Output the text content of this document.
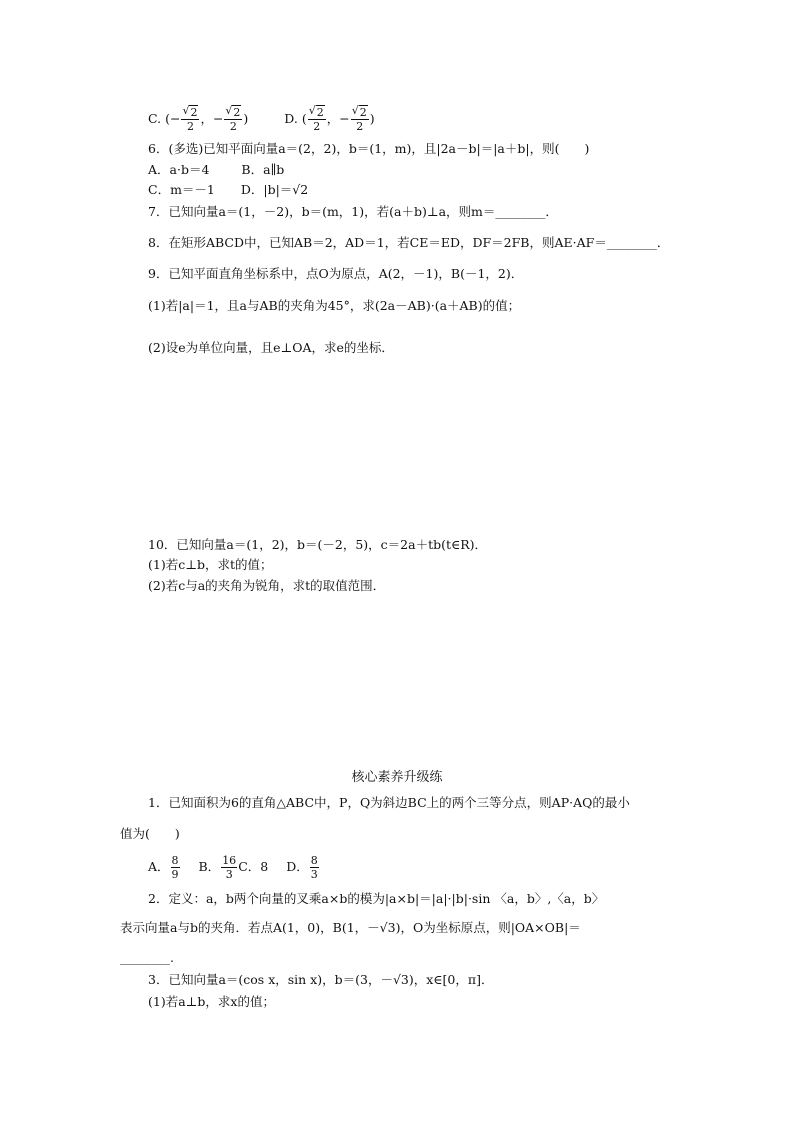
C. (− $\frac{√ 2}{2}$ ，− $\frac{√ 2}{2}$ )	D. ( $\frac{√ 2}{2}$ ，− $\frac{√ 2}{2}$ )
6．(多选)已知平面向量a＝(2，2)，b＝(1，m)，且|2a－b|＝|a＋b|，则(　　)
A．a·b＝4	B．a∥b
C．m＝－1 D．|b|＝√2
7．已知向量a＝(1，－2)，b＝(m，1)，若(a＋b)⊥a，则m＝________．
8．在矩形ABCD中，已知AB＝2，AD＝1，若CE＝ED，DF＝2FB，则AE·AF＝________．
9．已知平面直角坐标系中，点O为原点，A(2，－1)，B(－1，2)．
(1)若|a|＝1，且a与AB的夹角为45°，求(2a－AB)·(a＋AB)的值；
(2)设e为单位向量，且e⊥OA，求e的坐标．
10．已知向量a＝(1，2)，b＝(－2，5)，c＝2a＋tb(t∈R)．
(1)若c⊥b，求t的值；
(2)若c与a的夹角为锐角，求t的取值范围．
核心素养升级练
1．已知面积为6的直角△ABC中，P，Q为斜边BC上的两个三等分点，则AP·AQ的最小
值为(　　)
A． $\frac{8}{9}$ B． $\frac{16}{3}$ C．8 D． $\frac{8}{3}$
2．定义：a，b两个向量的叉乘a×b的模为|a×b|＝|a|·|b|·sin 〈a，b〉,〈a，b〉
表示向量a与b的夹角．若点A(1，0)，B(1，－√3)，O为坐标原点，则|OA×OB|＝
________.
3．已知向量a＝(cos x，sin x)，b＝(3，－√3)，x∈[0，π]．
(1)若a⊥b，求x的值；
